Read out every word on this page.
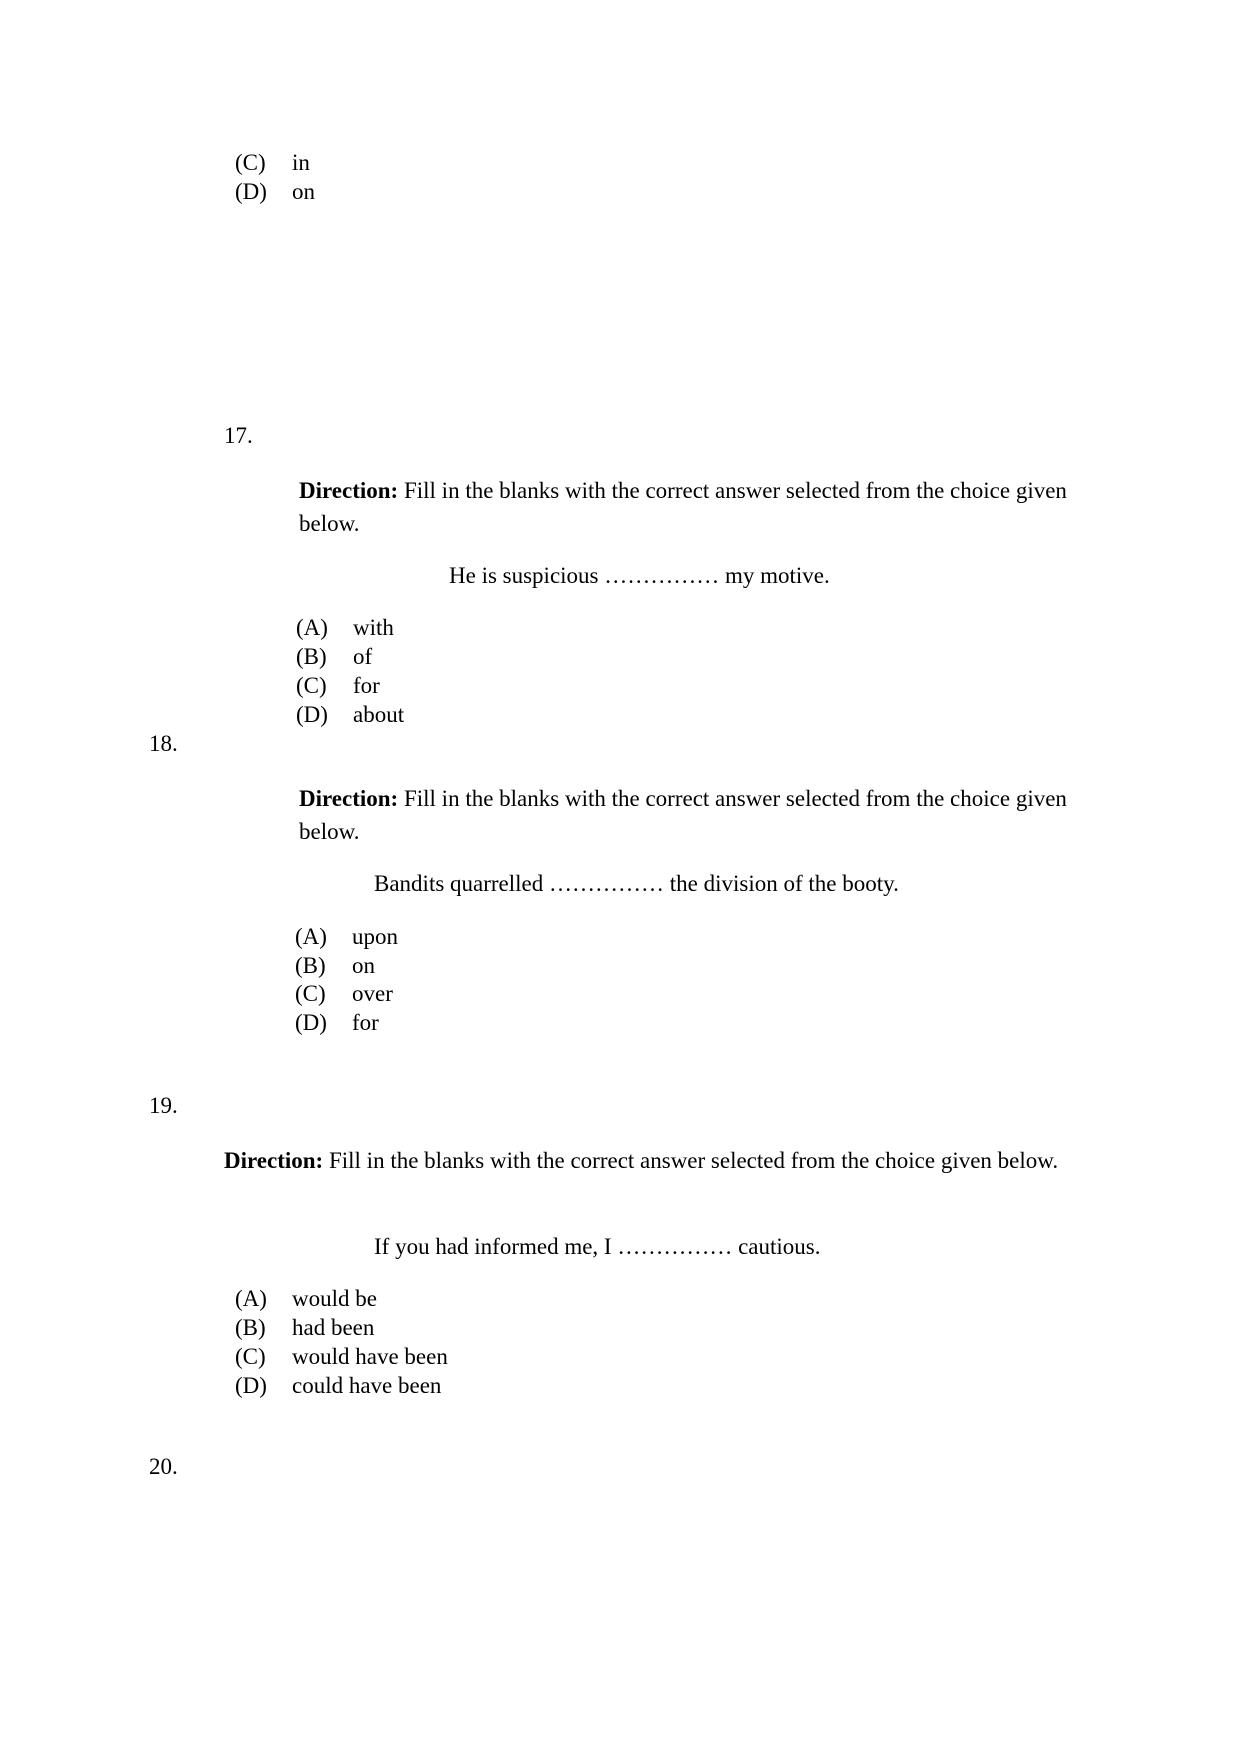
(C) in
(D) on
17.
Direction: Fill in the blanks with the correct answer selected from the choice given below.
He is suspicious …………… my motive.
(A) with
(B) of
(C) for
(D) about
18.
Direction: Fill in the blanks with the correct answer selected from the choice given below.
Bandits quarrelled …………… the division of the booty.
(A) upon
(B) on
(C) over
(D) for
19.
Direction: Fill in the blanks with the correct answer selected from the choice given below.
If you had informed me, I …………… cautious.
(A) would be
(B) had been
(C) would have been
(D) could have been
20.
